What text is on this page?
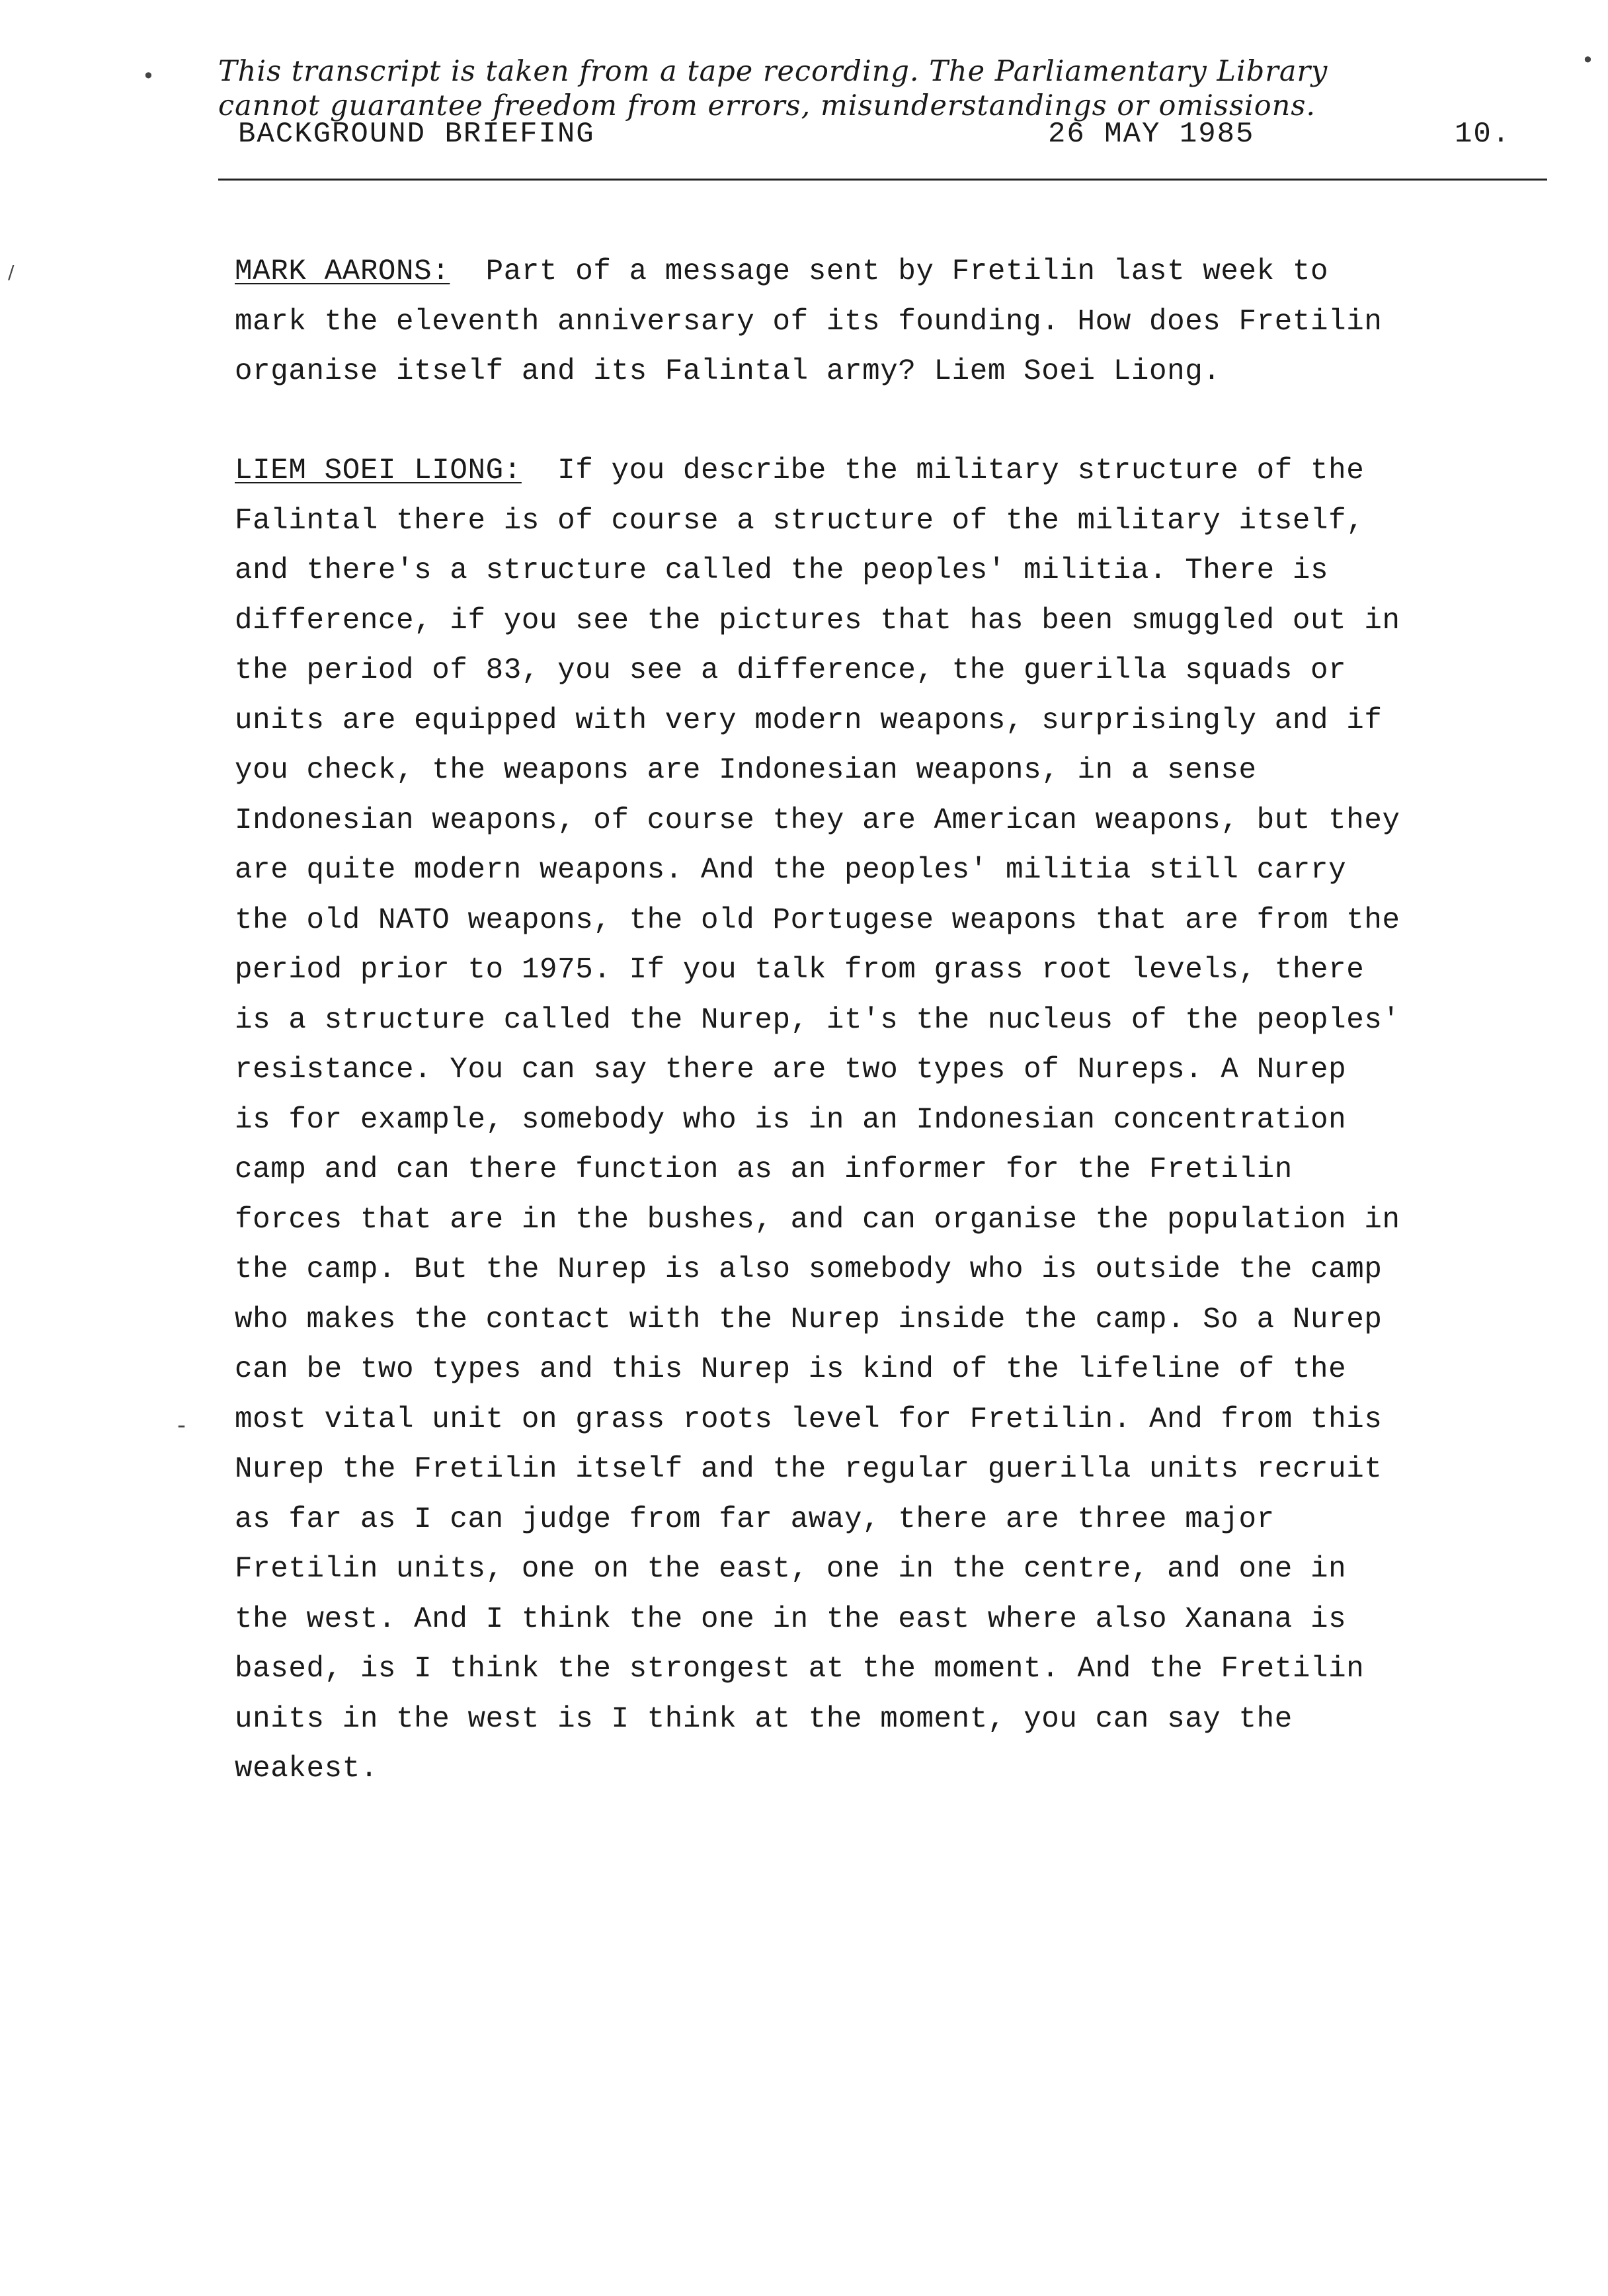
This transcript is taken from a tape recording. The Parliamentary Library
cannot guarantee freedom from errors, misunderstandings or omissions.
BACKGROUND BRIEFING	26 MAY 1985	10.
MARK AARONS:  Part of a message sent by Fretilin last week to
mark the eleventh anniversary of its founding. How does Fretilin
organise itself and its Falintal army? Liem Soei Liong.
LIEM SOEI LIONG:  If you describe the military structure of the
Falintal there is of course a structure of the military itself,
and there's a structure called the peoples' militia. There is
difference, if you see the pictures that has been smuggled out in
the period of 83, you see a difference, the guerilla squads or
units are equipped with very modern weapons, surprisingly and if
you check, the weapons are Indonesian weapons, in a sense
Indonesian weapons, of course they are American weapons, but they
are quite modern weapons. And the peoples' militia still carry
the old NATO weapons, the old Portugese weapons that are from the
period prior to 1975. If you talk from grass root levels, there
is a structure called the Nurep, it's the nucleus of the peoples'
resistance. You can say there are two types of Nureps. A Nurep
is for example, somebody who is in an Indonesian concentration
camp and can there function as an informer for the Fretilin
forces that are in the bushes, and can organise the population in
the camp. But the Nurep is also somebody who is outside the camp
who makes the contact with the Nurep inside the camp. So a Nurep
can be two types and this Nurep is kind of the lifeline of the
most vital unit on grass roots level for Fretilin. And from this
Nurep the Fretilin itself and the regular guerilla units recruit
as far as I can judge from far away, there are three major
Fretilin units, one on the east, one in the centre, and one in
the west. And I think the one in the east where also Xanana is
based, is I think the strongest at the moment. And the Fretilin
units in the west is I think at the moment, you can say the
weakest.
•
•
/
-
